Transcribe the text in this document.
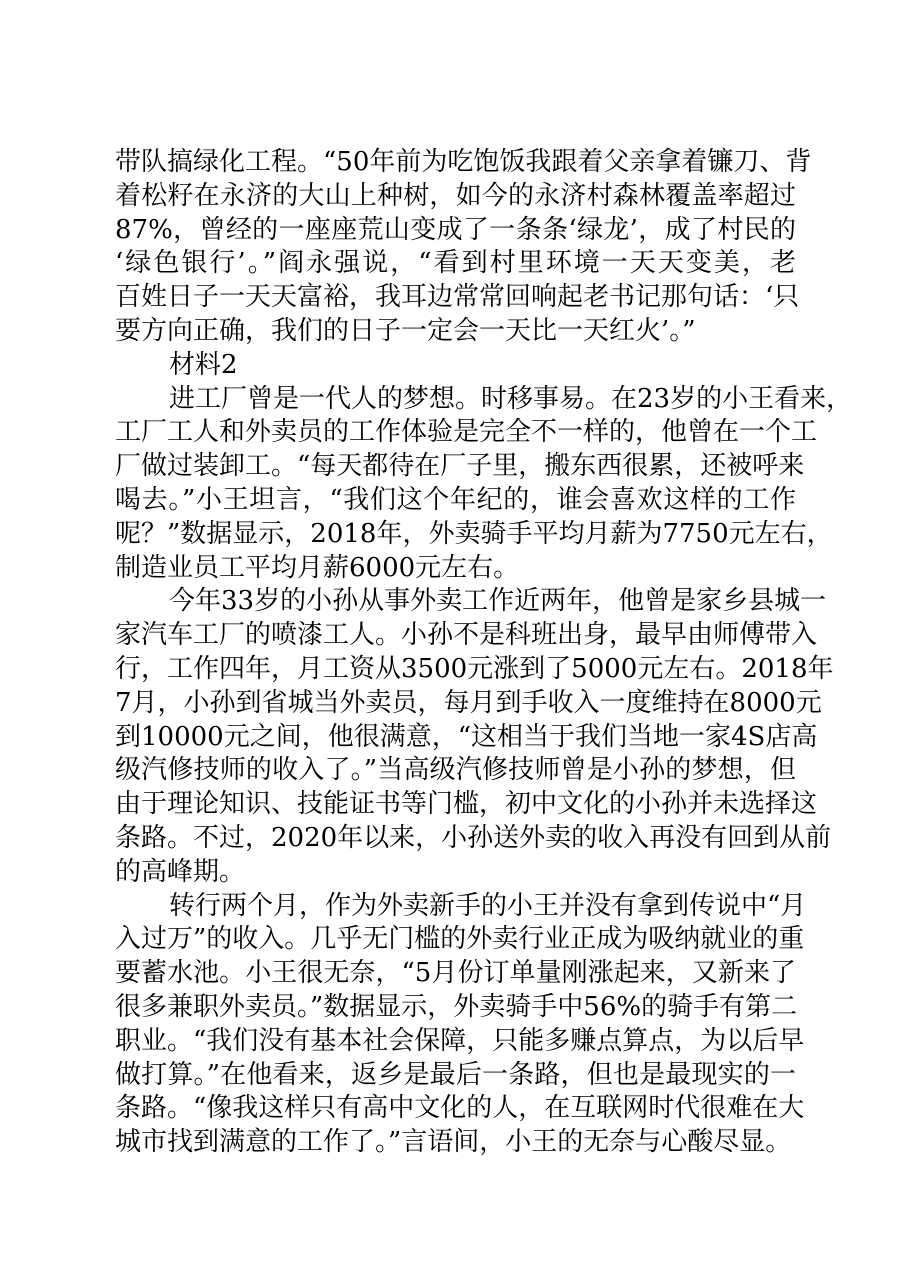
带队搞绿化工程。“50年前为吃饱饭我跟着父亲拿着镰刀、背
着松籽在永济的大山上种树，如今的永济村森林覆盖率超过
87%，曾经的一座座荒山变成了一条条‘绿龙’，成了村民的
‘绿色银行’。”阎永强说，“看到村里环境一天天变美，老
百姓日子一天天富裕，我耳边常常回响起老书记那句话：‘只
要方向正确，我们的日子一定会一天比一天红火’。”
材料2
进工厂曾是一代人的梦想。时移事易。在23岁的小王看来，
工厂工人和外卖员的工作体验是完全不一样的，他曾在一个工
厂做过装卸工。“每天都待在厂子里，搬东西很累，还被呼来
喝去。”小王坦言，“我们这个年纪的，谁会喜欢这样的工作
呢？”数据显示，2018年，外卖骑手平均月薪为7750元左右，
制造业员工平均月薪6000元左右。
今年33岁的小孙从事外卖工作近两年，他曾是家乡县城一
家汽车工厂的喷漆工人。小孙不是科班出身，最早由师傅带入
行，工作四年，月工资从3500元涨到了5000元左右。2018年
7月，小孙到省城当外卖员，每月到手收入一度维持在8000元
到10000元之间，他很满意，“这相当于我们当地一家4S店高
级汽修技师的收入了。”当高级汽修技师曾是小孙的梦想，但
由于理论知识、技能证书等门槛，初中文化的小孙并未选择这
条路。不过，2020年以来，小孙送外卖的收入再没有回到从前
的高峰期。
转行两个月，作为外卖新手的小王并没有拿到传说中“月
入过万”的收入。几乎无门槛的外卖行业正成为吸纳就业的重
要蓄水池。小王很无奈，“5月份订单量刚涨起来，又新来了
很多兼职外卖员。”数据显示，外卖骑手中56%的骑手有第二
职业。“我们没有基本社会保障，只能多赚点算点，为以后早
做打算。”在他看来，返乡是最后一条路，但也是最现实的一
条路。“像我这样只有高中文化的人，在互联网时代很难在大
城市找到满意的工作了。”言语间，小王的无奈与心酸尽显。
